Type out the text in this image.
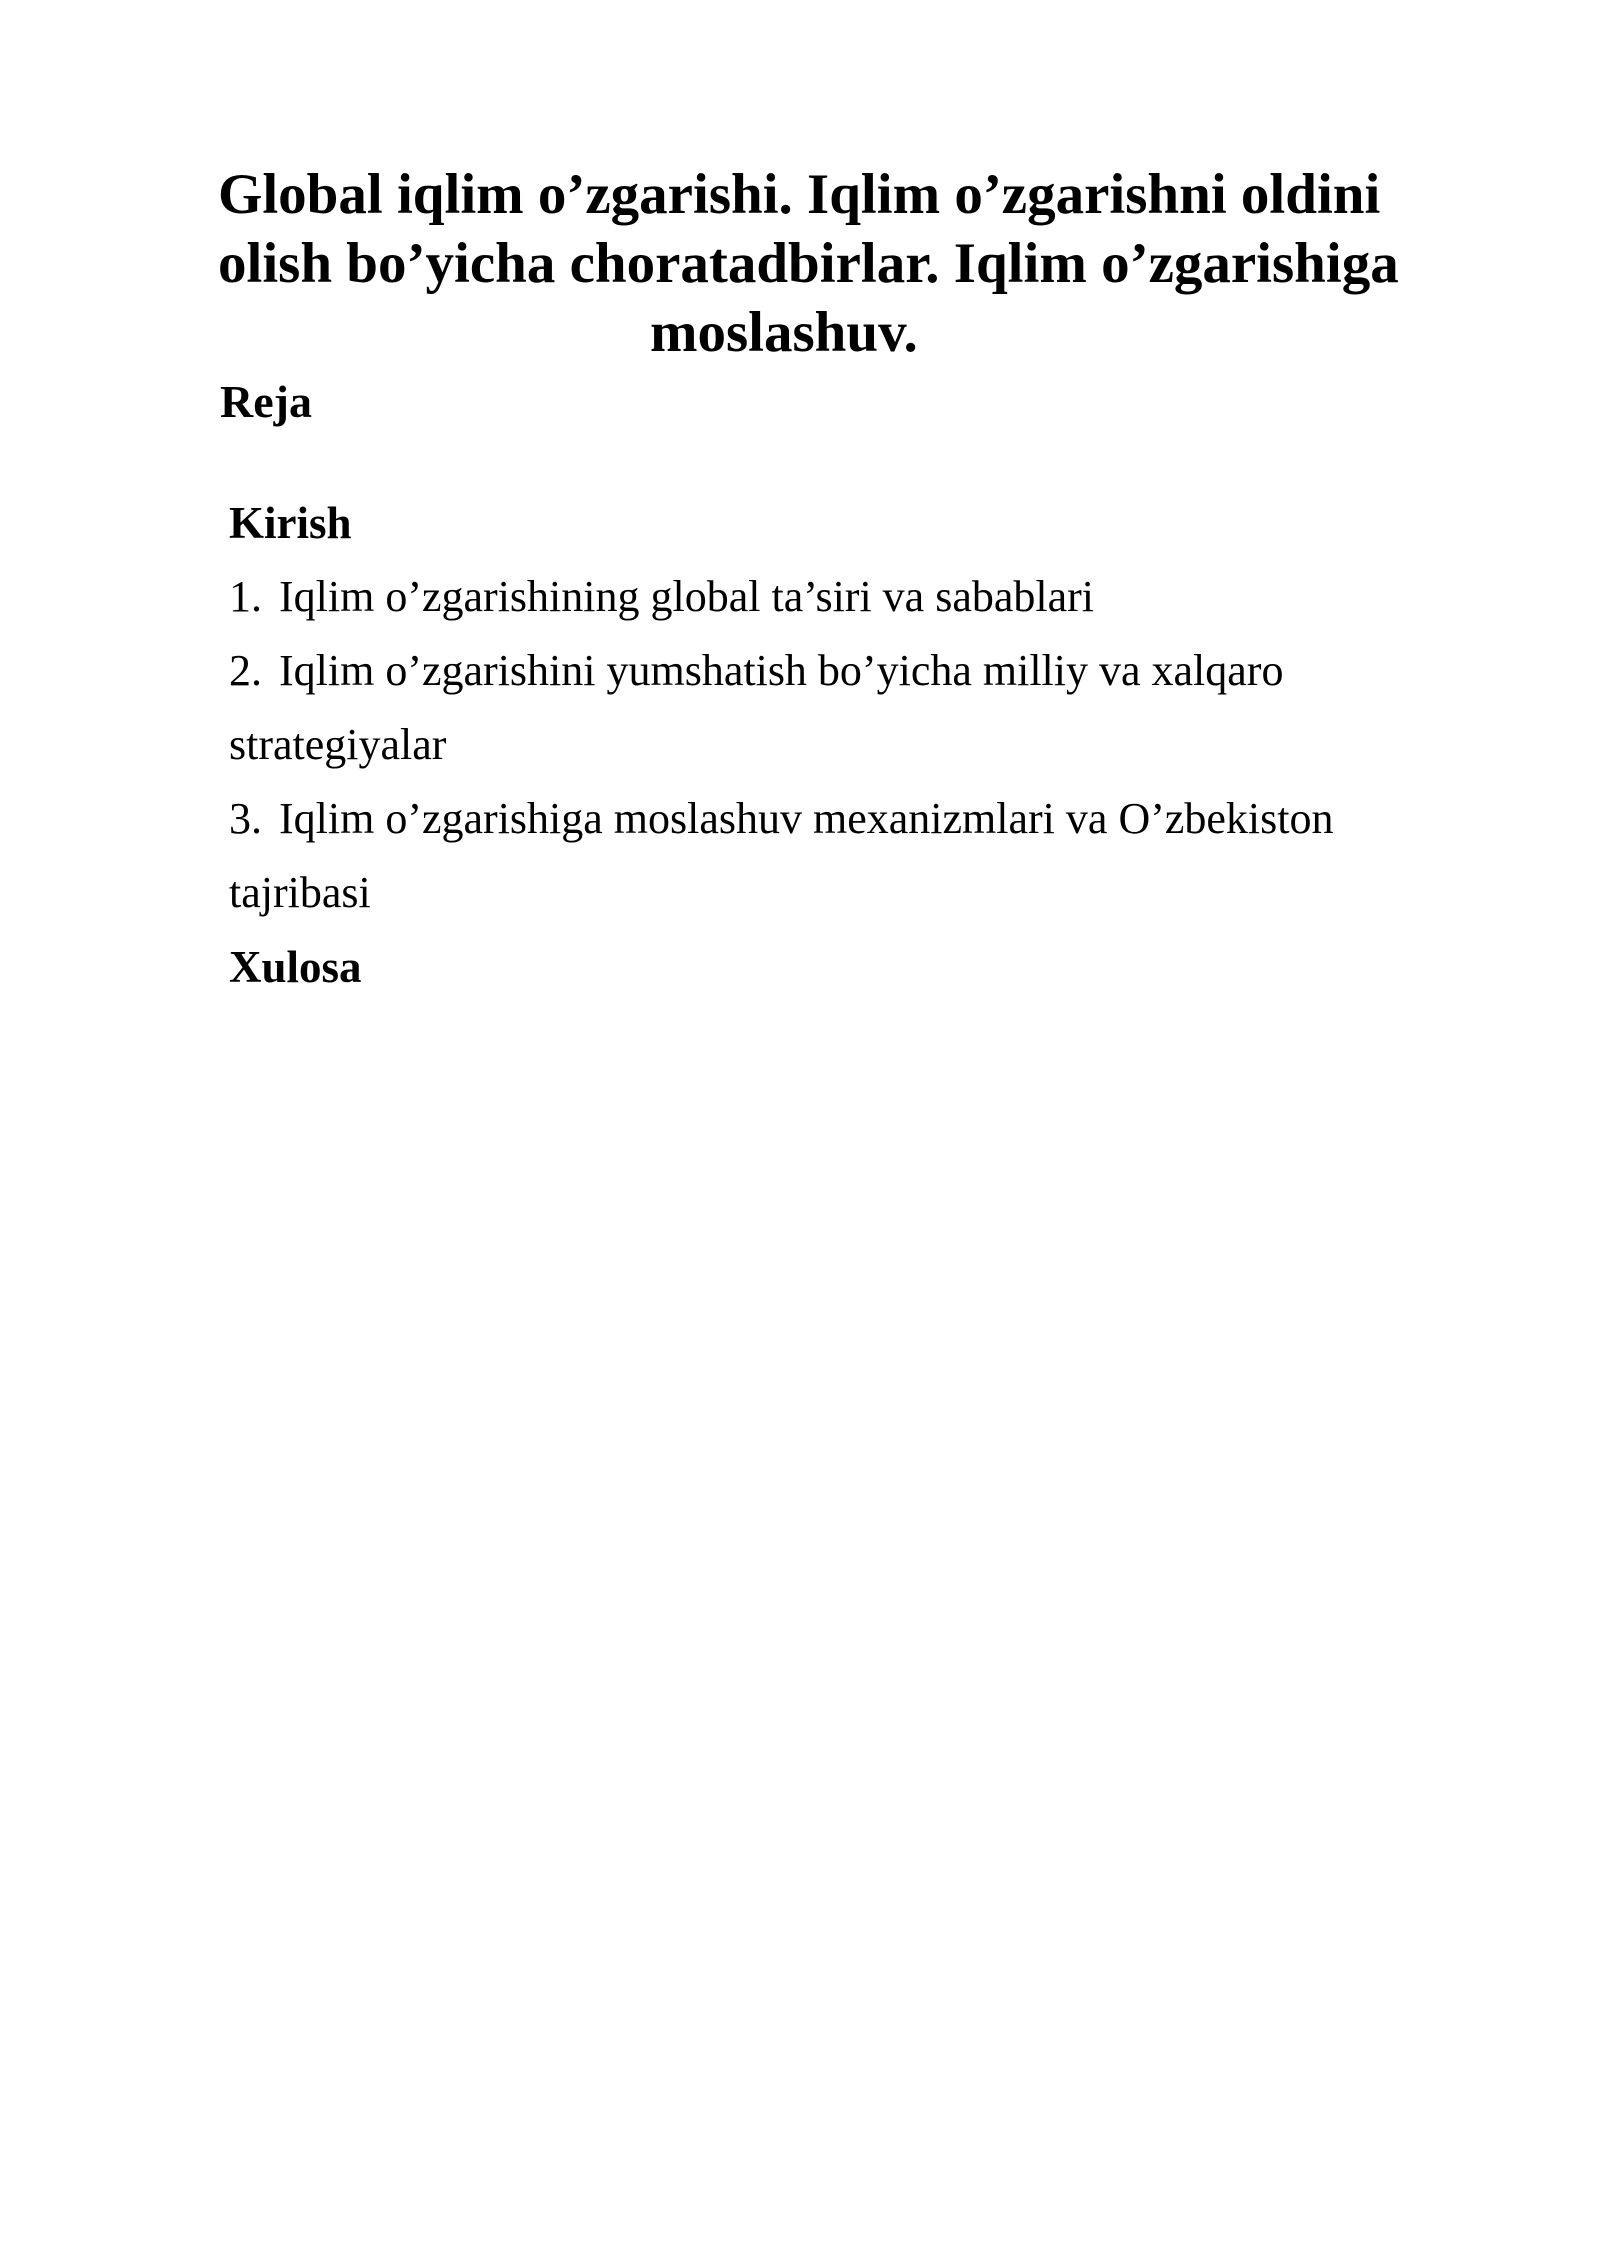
Global iqlim o’zgarishi. Iqlim o’zgarishni oldini
olish bo’yicha choratadbirlar. Iqlim o’zgarishiga
moslashuv.
Reja

Kirish

1. Iqlim o’zgarishining global ta’siri va sabablari

2. Iqlim o’zgarishini yumshatish bo’yicha milliy va xalqaro

strategiyalar

3. Iqlim o’zgarishiga moslashuv mexanizmlari va O’zbekiston

tajribasi

Xulosa
